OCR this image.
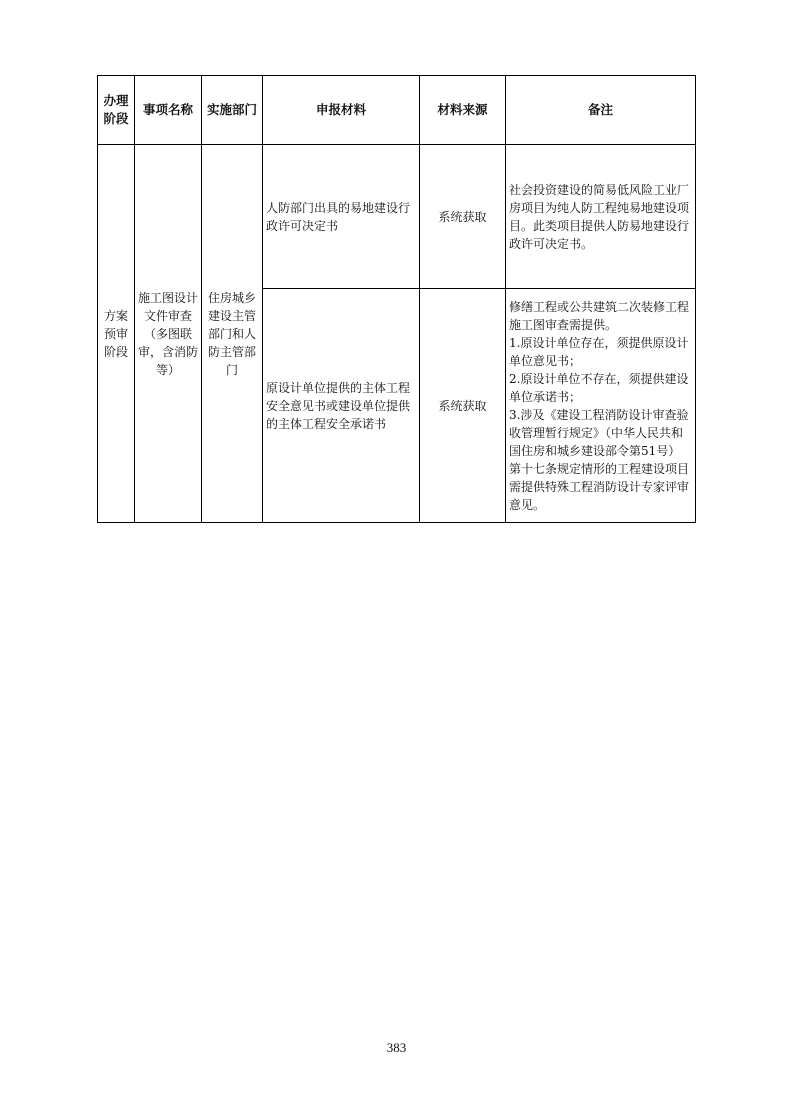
办理阶段	事项名称	实施部门	申报材料	材料来源	备注
方案预审阶段	施工图设计文件审查（多图联审，含消防等）	住房城乡建设主管部门和人防主管部门	人防部门出具的易地建设行政许可决定书	系统获取	社会投资建设的简易低风险工业厂房项目为纯人防工程纯易地建设项目。此类项目提供人防易地建设行政许可决定书。

			原设计单位提供的主体工程安全意见书或建设单位提供的主体工程安全承诺书	系统获取	修缮工程或公共建筑二次装修工程施工图审查需提供。
1.原设计单位存在，须提供原设计单位意见书；
2.原设计单位不存在，须提供建设单位承诺书；
3.涉及《建设工程消防设计审查验收管理暂行规定》（中华人民共和国住房和城乡建设部令第51号）第十七条规定情形的工程建设项目需提供特殊工程消防设计专家评审意见。
383
